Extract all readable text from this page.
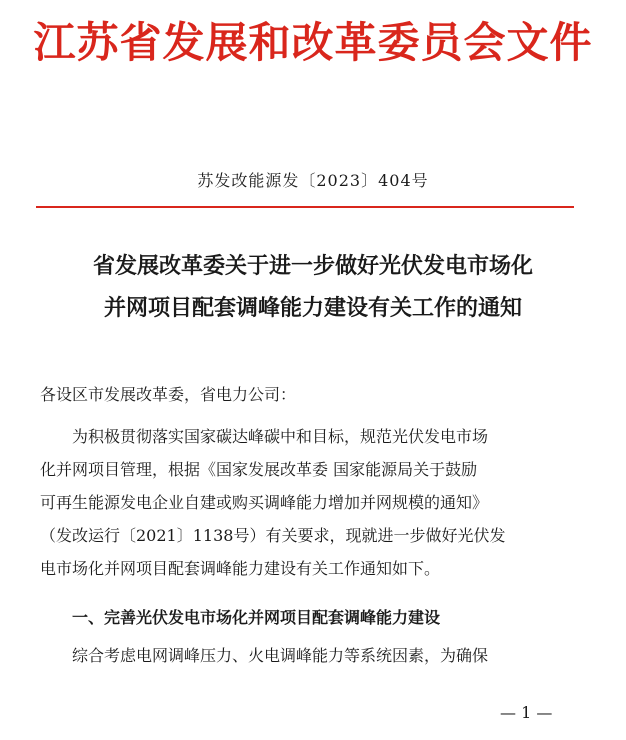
江苏省发展和改革委员会文件
苏发改能源发〔2023〕404号
省发展改革委关于进一步做好光伏发电市场化
并网项目配套调峰能力建设有关工作的通知
各设区市发展改革委，省电力公司：
为积极贯彻落实国家碳达峰碳中和目标，规范光伏发电市场
化并网项目管理，根据《国家发展改革委 国家能源局关于鼓励
可再生能源发电企业自建或购买调峰能力增加并网规模的通知》
（发改运行〔2021〕1138号）有关要求，现就进一步做好光伏发
电市场化并网项目配套调峰能力建设有关工作通知如下。
一、完善光伏发电市场化并网项目配套调峰能力建设
综合考虑电网调峰压力、火电调峰能力等系统因素，为确保
— 1 —
